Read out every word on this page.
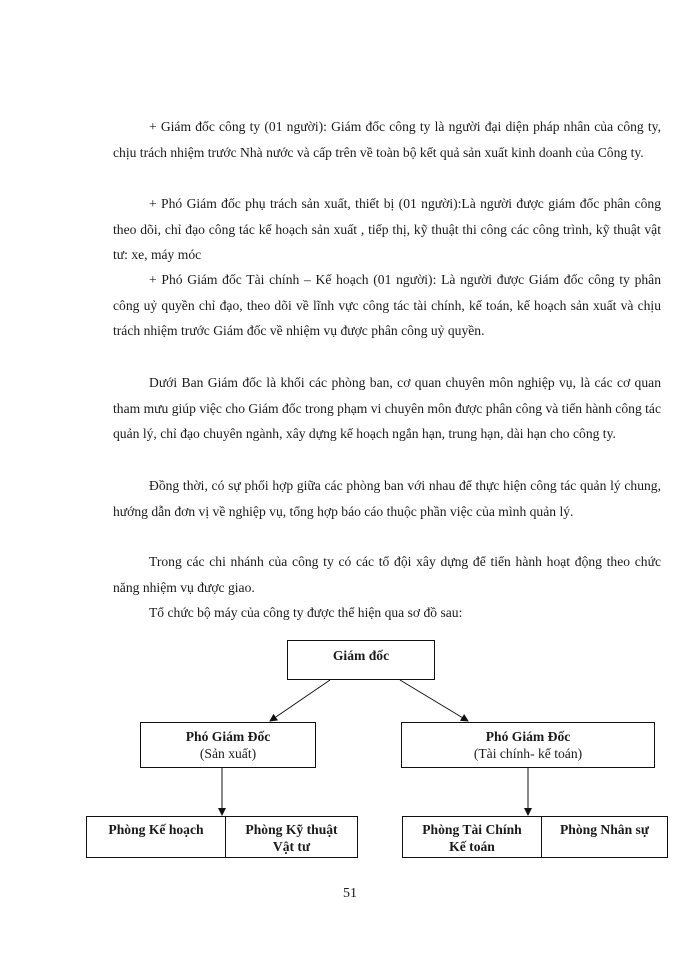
+ Giám đốc công ty (01 người): Giám đốc công ty là người đại diện pháp nhân của công ty, chịu trách nhiệm trước Nhà nước và cấp trên về toàn bộ kết quả sản xuất kinh doanh của Công ty.

+ Phó Giám đốc phụ trách sản xuất, thiết bị (01 người):Là người được giám đốc phân công theo dõi, chỉ đạo công tác kế hoạch sản xuất , tiếp thị, kỹ thuật thi công các công trình, kỹ thuật vật tư: xe, máy móc

+ Phó Giám đốc Tài chính – Kế hoạch (01 người): Là người được Giám đốc công ty phân công uỷ quyền chỉ đạo, theo dõi về lĩnh vực công tác tài chính, kế toán, kế hoạch sản xuất và chịu trách nhiệm trước Giám đốc về nhiệm vụ được phân công uỷ quyền.

Dưới Ban Giám đốc là khối các phòng ban, cơ quan chuyên môn nghiệp vụ, là các cơ quan tham mưu giúp việc cho Giám đốc trong phạm vi chuyên môn được phân công và tiến hành công tác quản lý, chỉ đạo chuyên ngành, xây dựng kế hoạch ngắn hạn, trung hạn, dài hạn cho công ty.

Đồng thời, có sự phối hợp giữa các phòng ban với nhau để thực hiện công tác quản lý chung, hướng dẫn đơn vị về nghiệp vụ, tổng hợp báo cáo thuộc phần việc của mình quản lý.

Trong các chi nhánh của công ty có các tổ đội xây dựng để tiến hành hoạt động theo chức năng nhiệm vụ được giao.

Tổ chức bộ máy của công ty được thể hiện qua sơ đồ sau:

Giám đốc
Phó Giám Đốc
(Sản xuất)
Phó Giám Đốc
(Tài chính- kế toán)
Phòng Kế hoạch	Phòng Kỹ thuật
Vật tư
Phòng Tài Chính
Kế toán
Phòng Nhân sự
51
